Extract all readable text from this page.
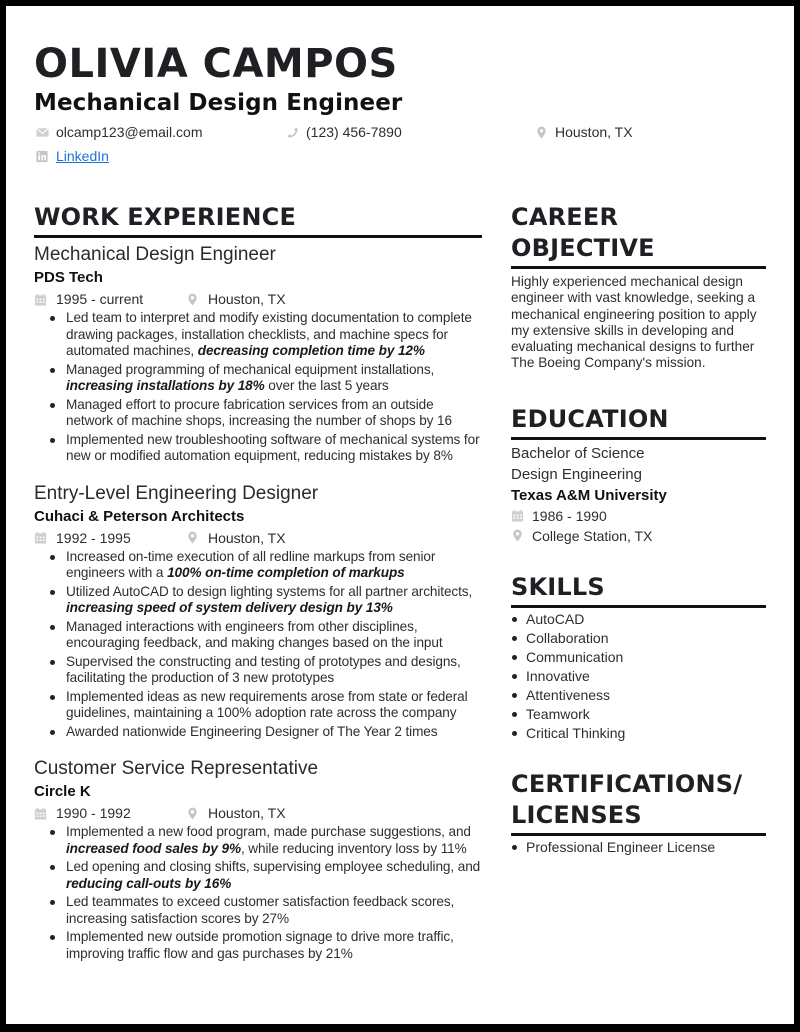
OLIVIA CAMPOS
Mechanical Design Engineer
olcamp123@email.com	(123) 456-7890	Houston, TX
LinkedIn
WORK EXPERIENCE
Mechanical Design Engineer
PDS Tech
1995 - current	Houston, TX
Led team to interpret and modify existing documentation to complete drawing packages, installation checklists, and machine specs for automated machines, decreasing completion time by 12%
Managed programming of mechanical equipment installations, increasing installations by 18% over the last 5 years
Managed effort to procure fabrication services from an outside network of machine shops, increasing the number of shops by 16
Implemented new troubleshooting software of mechanical systems for new or modified automation equipment, reducing mistakes by 8%
Entry-Level Engineering Designer
Cuhaci & Peterson Architects
1992 - 1995	Houston, TX
Increased on-time execution of all redline markups from senior engineers with a 100% on-time completion of markups
Utilized AutoCAD to design lighting systems for all partner architects, increasing speed of system delivery design by 13%
Managed interactions with engineers from other disciplines, encouraging feedback, and making changes based on the input
Supervised the constructing and testing of prototypes and designs, facilitating the production of 3 new prototypes
Implemented ideas as new requirements arose from state or federal guidelines, maintaining a 100% adoption rate across the company
Awarded nationwide Engineering Designer of The Year 2 times
Customer Service Representative
Circle K
1990 - 1992	Houston, TX
Implemented a new food program, made purchase suggestions, and increased food sales by 9%, while reducing inventory loss by 11%
Led opening and closing shifts, supervising employee scheduling, and reducing call-outs by 16%
Led teammates to exceed customer satisfaction feedback scores, increasing satisfaction scores by 27%
Implemented new outside promotion signage to drive more traffic, improving traffic flow and gas purchases by 21%
CAREER
OBJECTIVE

Highly experienced mechanical design engineer with vast knowledge, seeking a mechanical engineering position to apply my extensive skills in developing and evaluating mechanical designs to further The Boeing Company's mission.

EDUCATION
Bachelor of Science
Design Engineering
Texas A&M University
1986 - 1990
College Station, TX
SKILLS
AutoCAD
Collaboration
Communication
Innovative
Attentiveness
Teamwork
Critical Thinking
CERTIFICATIONS/
LICENSES
Professional Engineer License
